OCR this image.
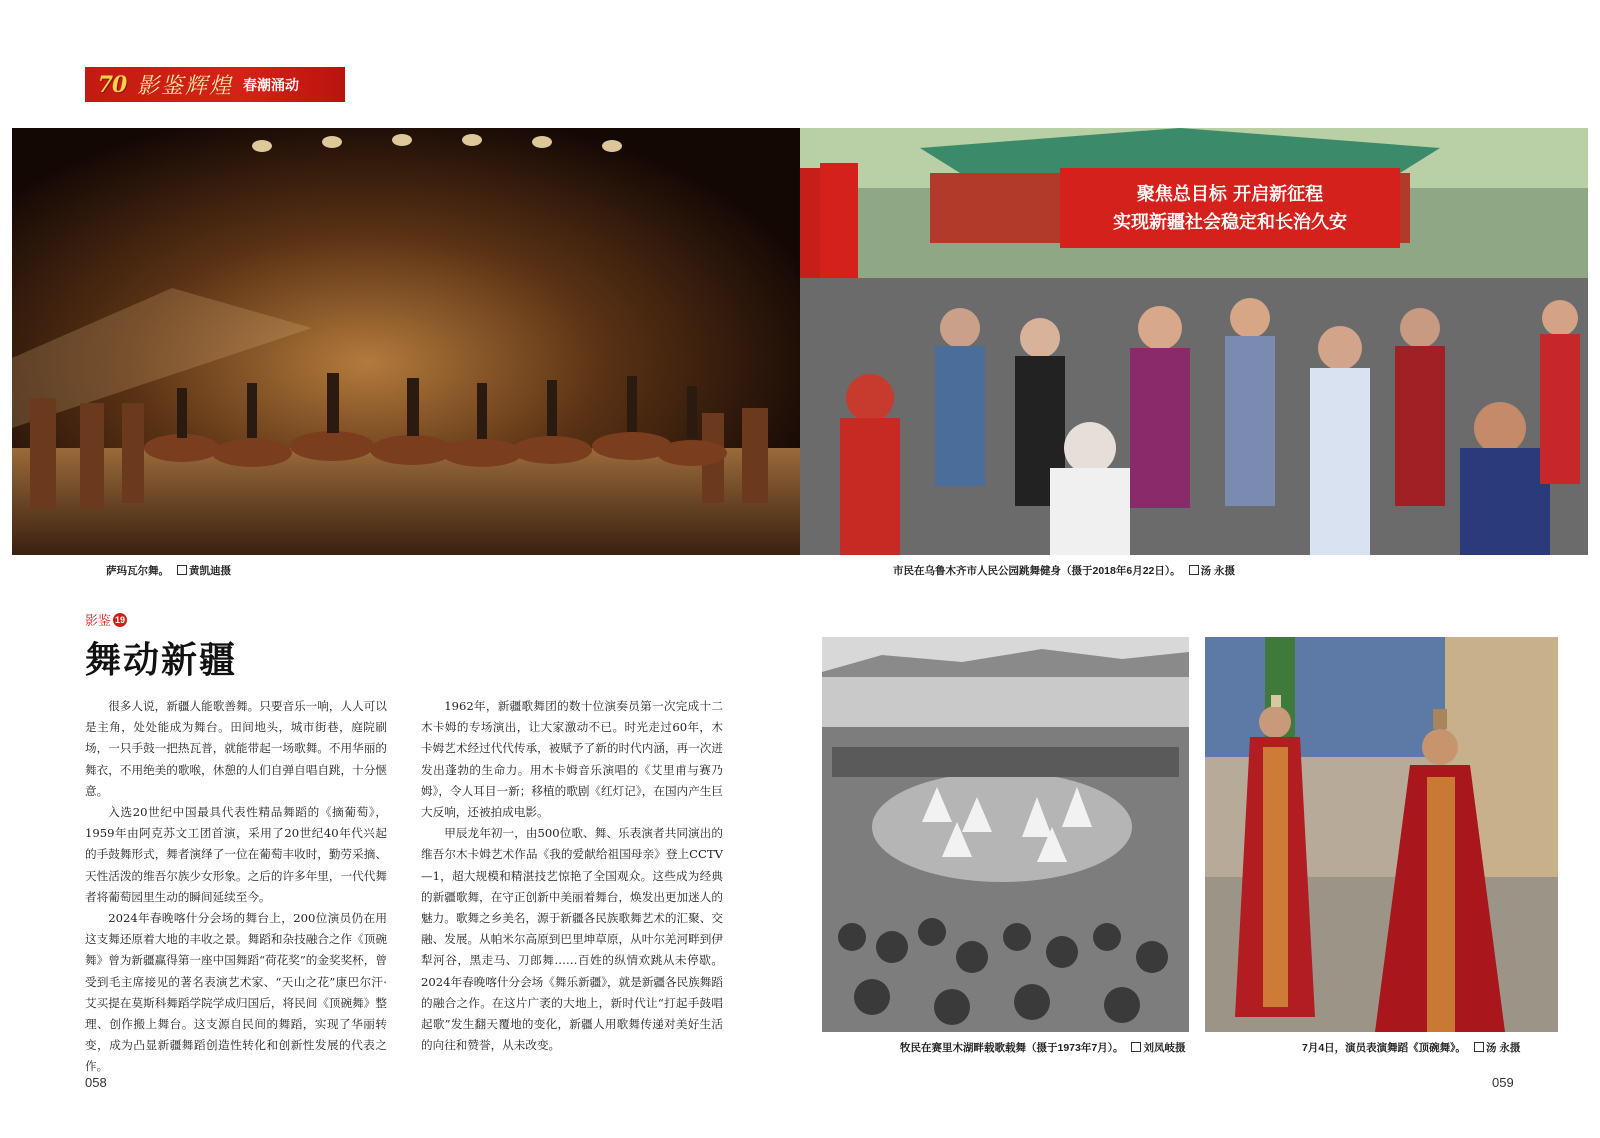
70 影鉴辉煌 春潮涌动
聚焦总目标 开启新征程
实现新疆社会稳定和长治久安
萨玛瓦尔舞。 黄凯迪摄	市民在乌鲁木齐市人民公园跳舞健身（摄于2018年6月22日）。 汤 永摄
影鉴 19
舞动新疆

很多人说，新疆人能歌善舞。只要音乐一响，人人可以是主角，处处能成为舞台。田间地头，城市街巷，庭院刷场，一只手鼓一把热瓦普，就能带起一场歌舞。不用华丽的舞衣，不用绝美的歌喉，休憩的人们自弹自唱自跳，十分惬意。

入选20世纪中国最具代表性精品舞蹈的《摘葡萄》，1959年由阿克苏文工团首演，采用了20世纪40年代兴起的手鼓舞形式，舞者演绎了一位在葡萄丰收时，勤劳采摘、天性活泼的维吾尔族少女形象。之后的许多年里，一代代舞者将葡萄园里生动的瞬间延续至今。

2024年春晚喀什分会场的舞台上，200位演员仍在用这支舞还原着大地的丰收之景。舞蹈和杂技融合之作《顶碗舞》曾为新疆赢得第一座中国舞蹈“荷花奖”的金奖奖杯，曾受到毛主席接见的著名表演艺术家、“天山之花”康巴尔汗·艾买提在莫斯科舞蹈学院学成归国后，将民间《顶碗舞》整理、创作搬上舞台。这支源自民间的舞蹈，实现了华丽转变，成为凸显新疆舞蹈创造性转化和创新性发展的代表之作。

1962年，新疆歌舞团的数十位演奏员第一次完成十二木卡姆的专场演出，让大家激动不已。时光走过60年，木卡姆艺术经过代代传承，被赋予了新的时代内涵，再一次迸发出蓬勃的生命力。用木卡姆音乐演唱的《艾里甫与赛乃姆》，令人耳目一新；移植的歌剧《红灯记》，在国内产生巨大反响，还被拍成电影。

甲辰龙年初一，由500位歌、舞、乐表演者共同演出的维吾尔木卡姆艺术作品《我的爱献给祖国母亲》登上CCTV—1，超大规模和精湛技艺惊艳了全国观众。这些成为经典的新疆歌舞，在守正创新中美丽着舞台，焕发出更加迷人的魅力。歌舞之乡美名，源于新疆各民族歌舞艺术的汇聚、交融、发展。从帕米尔高原到巴里坤草原，从叶尔羌河畔到伊犁河谷，黑走马、刀郎舞……百姓的纵情欢跳从未停歇。2024年春晚喀什分会场《舞乐新疆》，就是新疆各民族舞蹈的融合之作。在这片广袤的大地上，新时代让“打起手鼓唱起歌”发生翻天覆地的变化，新疆人用歌舞传递对美好生活的向往和赞誉，从未改变。	牧民在赛里木湖畔载歌载舞（摄于1973年7月）。 刘凤岐摄	7月4日，演员表演舞蹈《顶碗舞》。 汤 永摄
058	059
